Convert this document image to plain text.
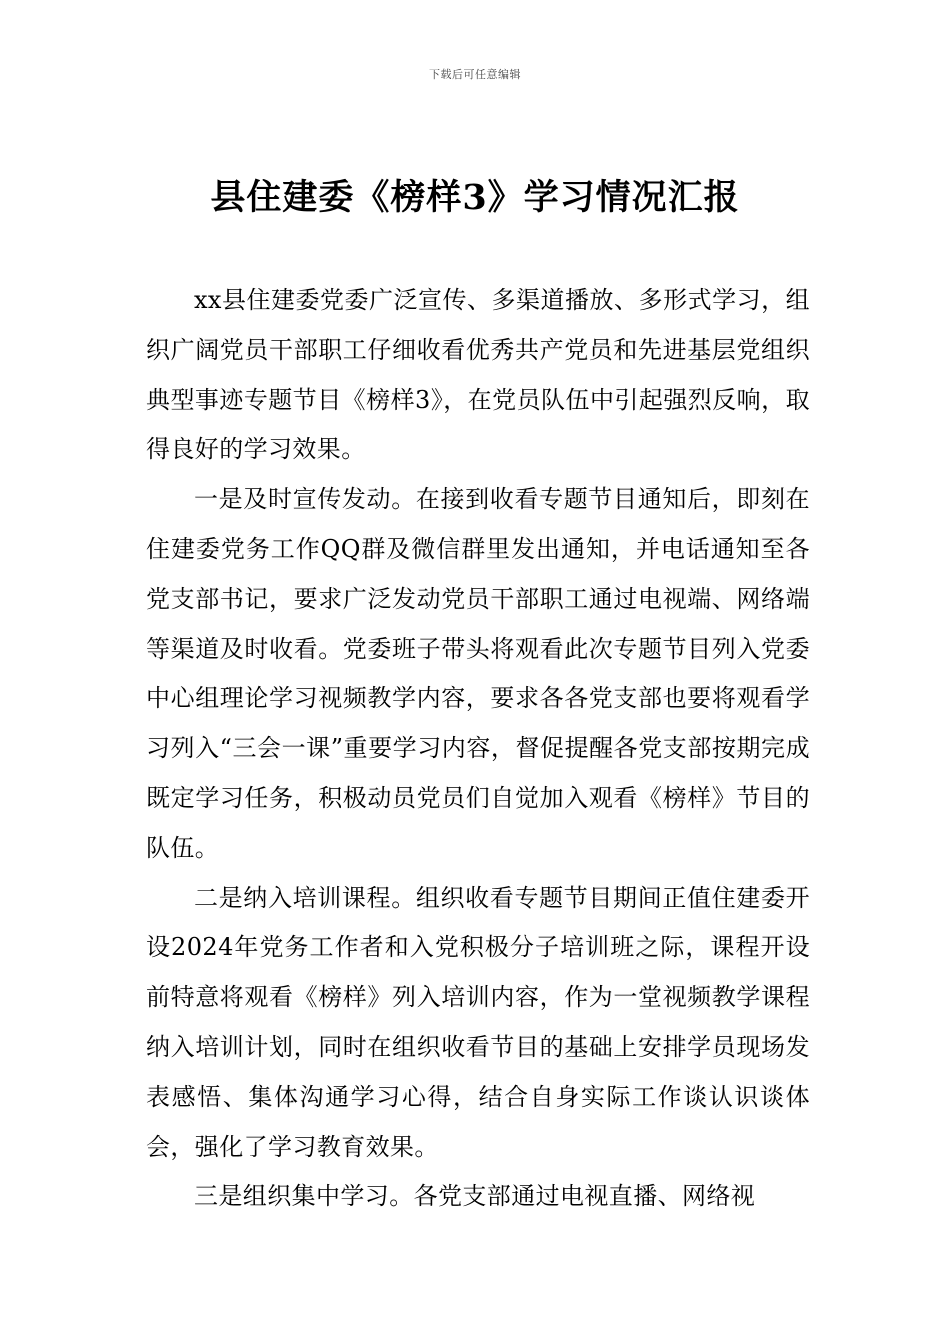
下载后可任意编辑
县住建委《榜样3》学习情况汇报

xx县住建委党委广泛宣传、多渠道播放、多形式学习，组织广阔党员干部职工仔细收看优秀共产党员和先进基层党组织典型事迹专题节目《榜样3》，在党员队伍中引起强烈反响，取得良好的学习效果。

一是及时宣传发动。在接到收看专题节目通知后，即刻在住建委党务工作QQ群及微信群里发出通知，并电话通知至各党支部书记，要求广泛发动党员干部职工通过电视端、网络端等渠道及时收看。党委班子带头将观看此次专题节目列入党委中心组理论学习视频教学内容，要求各各党支部也要将观看学习列入“三会一课”重要学习内容，督促提醒各党支部按期完成既定学习任务，积极动员党员们自觉加入观看《榜样》节目的队伍。

二是纳入培训课程。组织收看专题节目期间正值住建委开设2024年党务工作者和入党积极分子培训班之际，课程开设前特意将观看《榜样》列入培训内容，作为一堂视频教学课程纳入培训计划，同时在组织收看节目的基础上安排学员现场发表感悟、集体沟通学习心得，结合自身实际工作谈认识谈体会，强化了学习教育效果。

三是组织集中学习。各党支部通过电视直播、网络视
